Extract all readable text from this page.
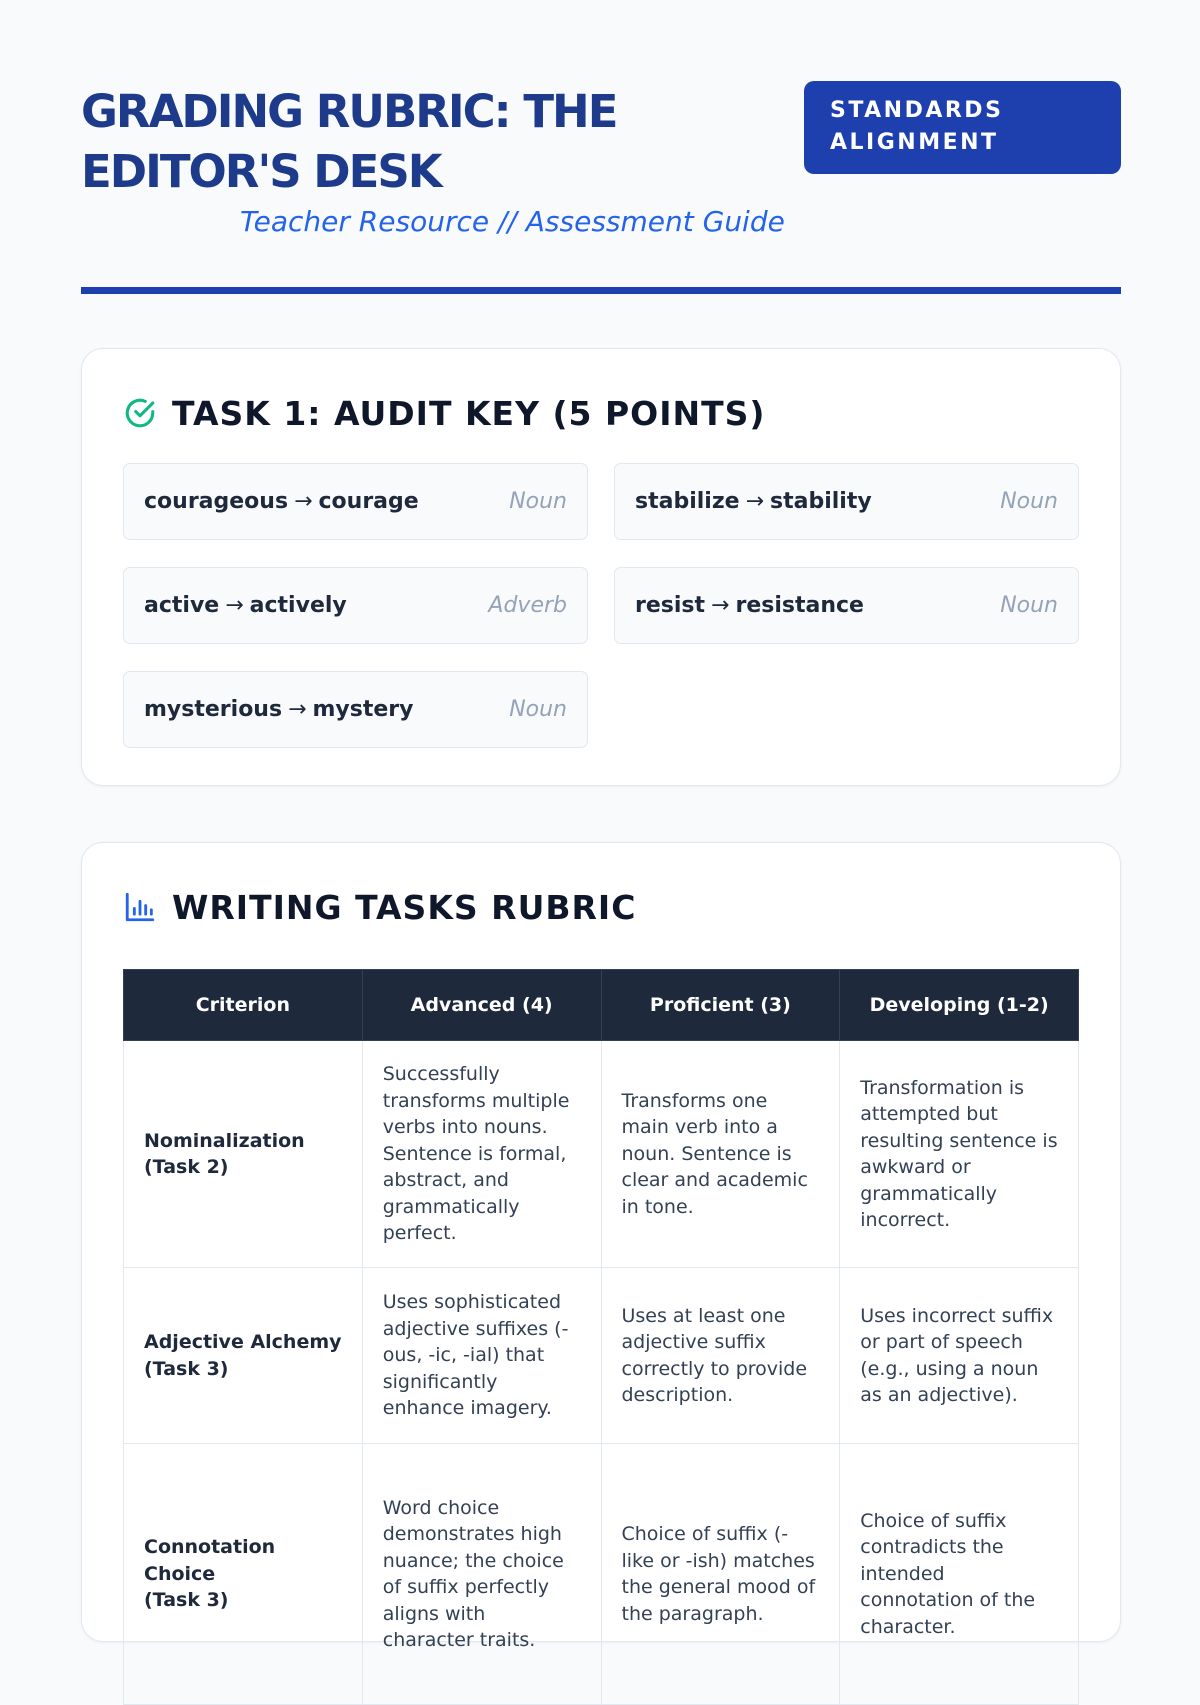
GRADING RUBRIC: THE
EDITOR'S DESK
Teacher Resource // Assessment Guide
STANDARDS
ALIGNMENT
TASK 1: AUDIT KEY (5 POINTS)
courageous → courage	Noun	stabilize → stability	Noun
active → actively	Adverb	resist → resistance	Noun
mysterious → mystery	Noun
WRITING TASKS RUBRIC
Criterion	Advanced (4)	Proficient (3)	Developing (1-2)
Nominalization
(Task 2)	Successfully transforms multiple verbs into nouns. Sentence is formal, abstract, and grammatically perfect.	Transforms one main verb into a noun. Sentence is clear and academic in tone.	Transformation is attempted but resulting sentence is awkward or grammatically incorrect.
Adjective Alchemy
(Task 3)	Uses sophisticated adjective suffixes (-ous, -ic, -ial) that significantly enhance imagery.	Uses at least one adjective suffix correctly to provide description.	Uses incorrect suffix or part of speech (e.g., using a noun as an adjective).
Connotation Choice
(Task 3)	Word choice demonstrates high nuance; the choice of suffix perfectly aligns with character traits.	Choice of suffix (-like or -ish) matches the general mood of the paragraph.	Choice of suffix contradicts the intended connotation of the character.
